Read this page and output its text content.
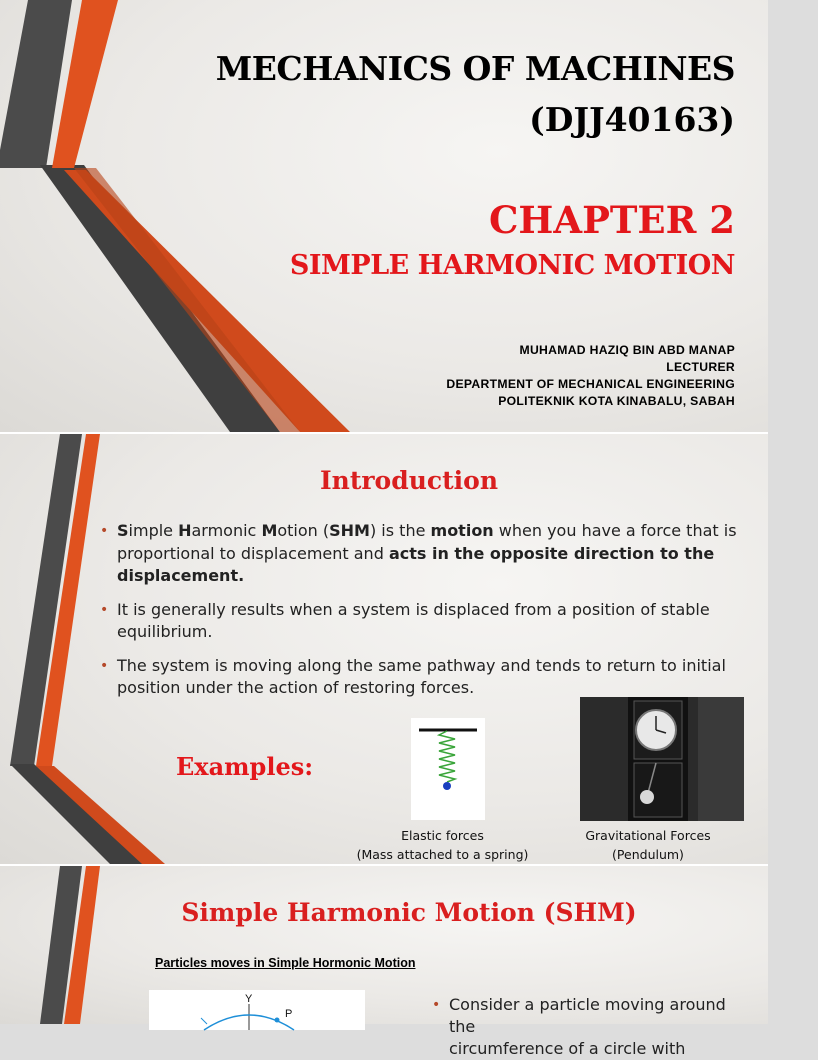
MECHANICS OF MACHINES
(DJJ40163)
CHAPTER 2
SIMPLE HARMONIC MOTION
MUHAMAD HAZIQ BIN ABD MANAP
LECTURER
DEPARTMENT OF MECHANICAL ENGINEERING
POLITEKNIK KOTA KINABALU, SABAH
Introduction
• Simple Harmonic Motion (SHM) is the motion when you have a force that is proportional to displacement and acts in the opposite direction to the displacement.
• It is generally results when a system is displaced from a position of stable equilibrium.
• The system is moving along the same pathway and tends to return to initial position under the action of restoring forces.
Examples:
Elastic forces
(Mass attached to a spring)
Gravitational Forces
(Pendulum)
Simple Harmonic Motion (SHM)
Particles moves in Simple Hormonic Motion
Y
P
• Consider a particle moving around the
circumference of a circle with
